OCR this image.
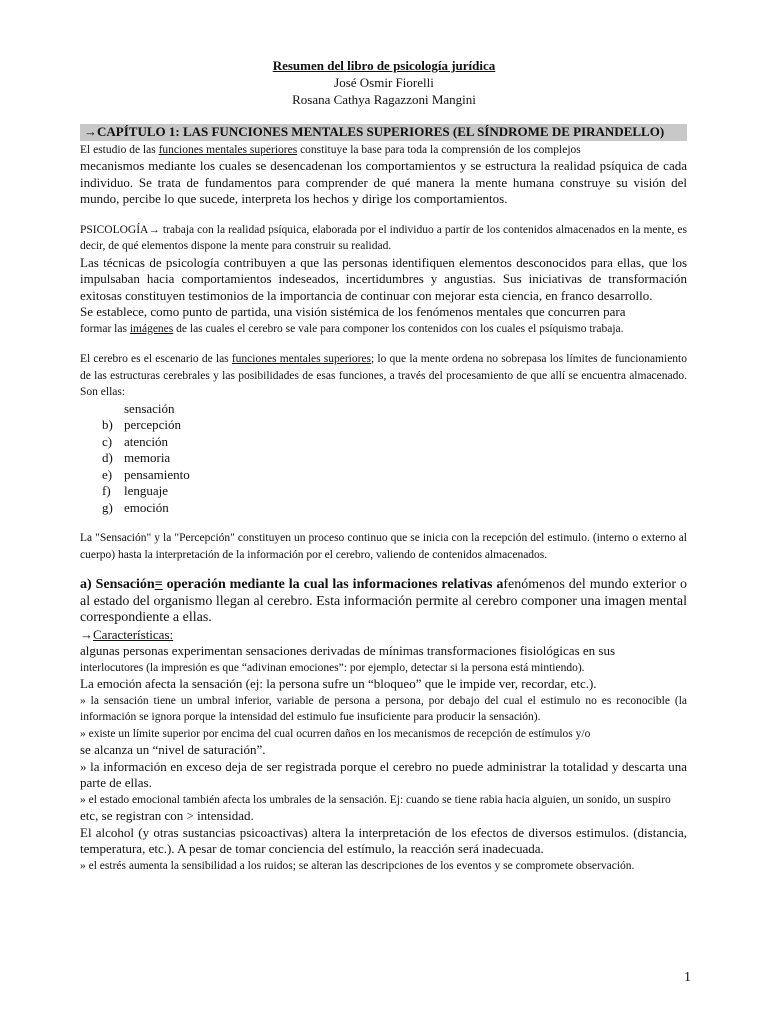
Resumen del libro de psicología jurídica
José Osmir Fiorelli
Rosana Cathya Ragazzoni Mangini
→CAPÍTULO 1: LAS FUNCIONES MENTALES SUPERIORES (EL SÍNDROME DE PIRANDELLO)

El estudio de las funciones mentales superiores constituye la base para toda la comprensión de los complejos

mecanismos mediante los cuales se desencadenan los comportamientos y se estructura la realidad psíquica de cada individuo. Se trata de fundamentos para comprender de qué manera la mente humana construye su visión del mundo, percibe lo que sucede, interpreta los hechos y dirige los comportamientos.

PSICOLOGÍA→ trabaja con la realidad psíquica, elaborada por el individuo a partir de los contenidos almacenados en la mente, es decir, de qué elementos dispone la mente para construir su realidad.

Las técnicas de psicología contribuyen a que las personas identifiquen elementos desconocidos para ellas, que los impulsaban hacia comportamientos indeseados, incertidumbres y angustias. Sus iniciativas de transformación exitosas constituyen testimonios de la importancia de continuar con mejorar esta ciencia, en franco desarrollo.

Se establece, como punto de partida, una visión sistémica de los fenómenos mentales que concurren para

formar las imágenes de las cuales el cerebro se vale para componer los contenidos con los cuales el psíquismo trabaja.

El cerebro es el escenario de las funciones mentales superiores; lo que la mente ordena no sobrepasa los límites de funcionamiento de las estructuras cerebrales y las posibilidades de esas funciones, a través del procesamiento de que allí se encuentra almacenado. Son ellas:

sensación
b) percepción
c) atención
d) memoria
e) pensamiento
f) lenguaje
g) emoción

La "Sensación" y la "Percepción" constituyen un proceso continuo que se inicia con la recepción del estimulo. (interno o externo al cuerpo) hasta la interpretación de la información por el cerebro, valiendo de contenidos almacenados.

a) Sensación= operación mediante la cual las informaciones relativas afenómenos del mundo exterior o al estado del organismo llegan al cerebro. Esta información permite al cerebro componer una imagen mental correspondiente a ellas.

→Características:

algunas personas experimentan sensaciones derivadas de mínimas transformaciones fisiológicas en sus

interlocutores (la impresión es que “adivinan emociones”: por ejemplo, detectar si la persona está mintiendo).

La emoción afecta la sensación (ej: la persona sufre un “bloqueo” que le impide ver, recordar, etc.).

» la sensación tiene un umbral inferior, variable de persona a persona, por debajo del cual el estimulo no es reconocible (la información se ignora porque la intensidad del estimulo fue insuficiente para producir la sensación).

» existe un límite superior por encima del cual ocurren daños en los mecanismos de recepción de estímulos y/o

se alcanza un “nivel de saturación”.

» la información en exceso deja de ser registrada porque el cerebro no puede administrar la totalidad y descarta una parte de ellas.

» el estado emocional también afecta los umbrales de la sensación. Ej: cuando se tiene rabia hacia alguien, un sonido, un suspiro

etc, se registran con > intensidad.

El alcohol (y otras sustancias psicoactivas) altera la interpretación de los efectos de diversos estimulos. (distancia, temperatura, etc.). A pesar de tomar conciencia del estímulo, la reacción será inadecuada.

» el estrés aumenta la sensibilidad a los ruidos; se alteran las descripciones de los eventos y se compromete observación.

1
